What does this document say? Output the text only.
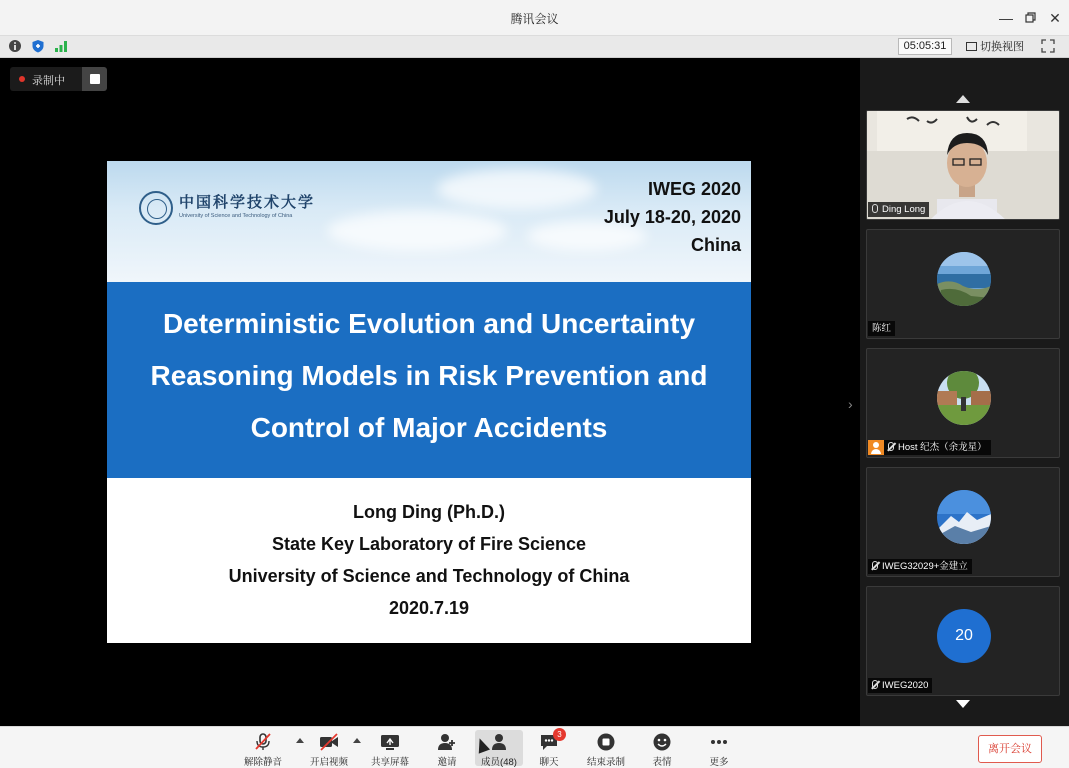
腾讯会议	—	✕
05:05:31	切换视图
录制中
中国科学技术大学
University of Science and Technology of China
IWEG 2020
July 18-20, 2020
China
Deterministic Evolution and Uncertainty
Reasoning Models in Risk Prevention and
Control of Major Accidents
Long Ding (Ph.D.)
State Key Laboratory of Fire Science
University of Science and Technology of China
2020.7.19
›
Ding Long
陈红
Host 纪杰（余龙星）
IWEG32029+金建立
20
IWEG2020
解除静音	开启视频	共享屏幕	邀请	成员(48)
3
聊天	结束录制	表情	更多
离开会议
